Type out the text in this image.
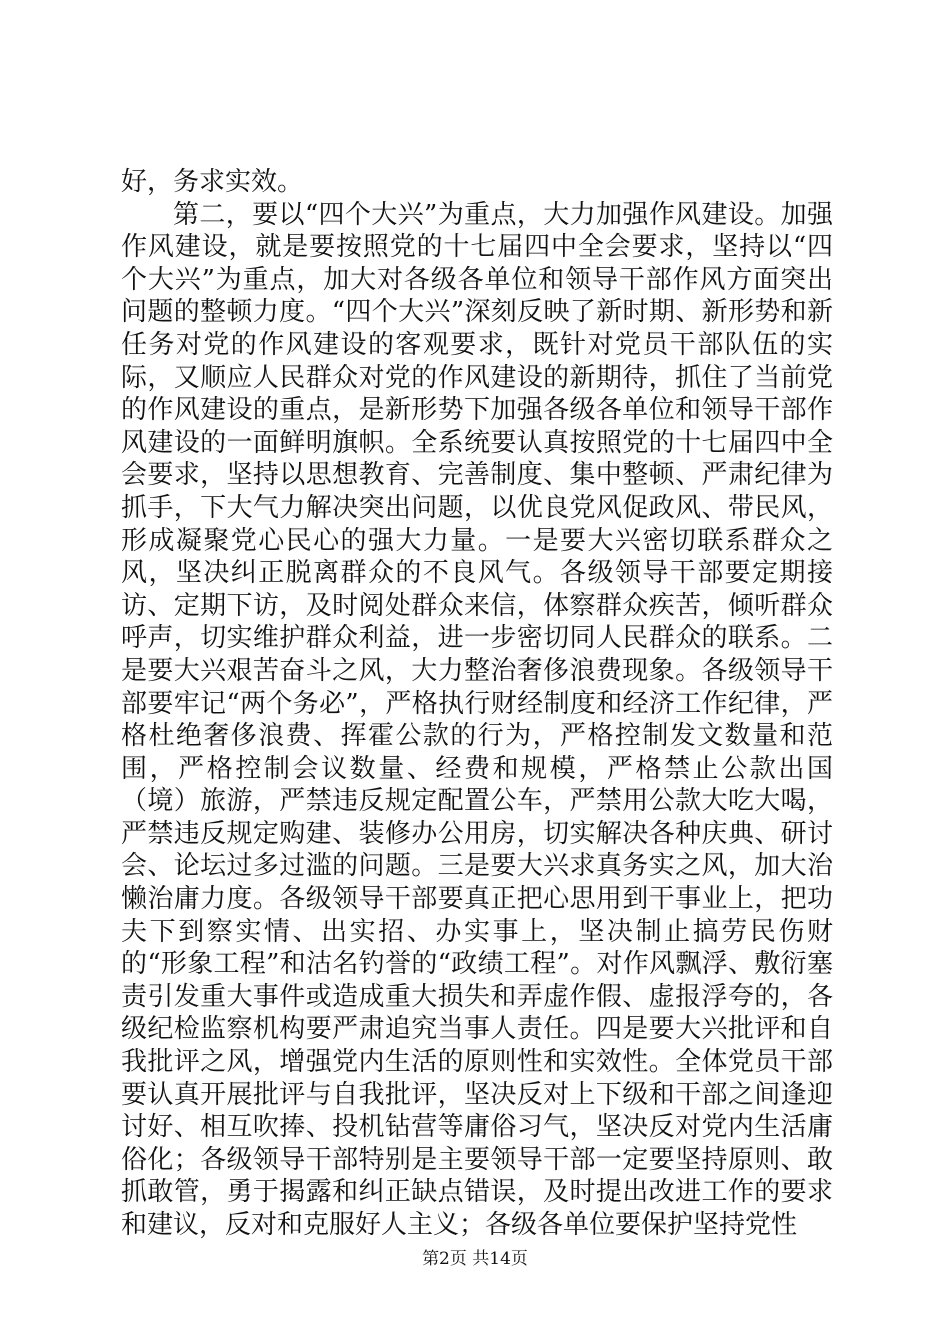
好，务求实效。

第二，要以“四个大兴”为重点，大力加强作风建设。加强作风建设，就是要按照党的十七届四中全会要求，坚持以“四个大兴”为重点，加大对各级各单位和领导干部作风方面突出问题的整顿力度。“四个大兴”深刻反映了新时期、新形势和新任务对党的作风建设的客观要求，既针对党员干部队伍的实际，又顺应人民群众对党的作风建设的新期待，抓住了当前党的作风建设的重点，是新形势下加强各级各单位和领导干部作风建设的一面鲜明旗帜。全系统要认真按照党的十七届四中全会要求，坚持以思想教育、完善制度、集中整顿、严肃纪律为抓手，下大气力解决突出问题，以优良党风促政风、带民风，形成凝聚党心民心的强大力量。一是要大兴密切联系群众之风，坚决纠正脱离群众的不良风气。各级领导干部要定期接访、定期下访，及时阅处群众来信，体察群众疾苦，倾听群众呼声，切实维护群众利益，进一步密切同人民群众的联系。二是要大兴艰苦奋斗之风，大力整治奢侈浪费现象。各级领导干部要牢记“两个务必”，严格执行财经制度和经济工作纪律，严格杜绝奢侈浪费、挥霍公款的行为，严格控制发文数量和范围，严格控制会议数量、经费和规模，严格禁止公款出国（境）旅游，严禁违反规定配置公车，严禁用公款大吃大喝，严禁违反规定购建、装修办公用房，切实解决各种庆典、研讨会、论坛过多过滥的问题。三是要大兴求真务实之风，加大治懒治庸力度。各级领导干部要真正把心思用到干事业上，把功夫下到察实情、出实招、办实事上，坚决制止搞劳民伤财的“形象工程”和沽名钓誉的“政绩工程”。对作风飘浮、敷衍塞责引发重大事件或造成重大损失和弄虚作假、虚报浮夸的，各级纪检监察机构要严肃追究当事人责任。四是要大兴批评和自我批评之风，增强党内生活的原则性和实效性。全体党员干部要认真开展批评与自我批评，坚决反对上下级和干部之间逢迎讨好、相互吹捧、投机钻营等庸俗习气，坚决反对党内生活庸俗化；各级领导干部特别是主要领导干部一定要坚持原则、敢抓敢管，勇于揭露和纠正缺点错误，及时提出改进工作的要求和建议，反对和克服好人主义；各级各单位要保护坚持党性

第2页 共14页
